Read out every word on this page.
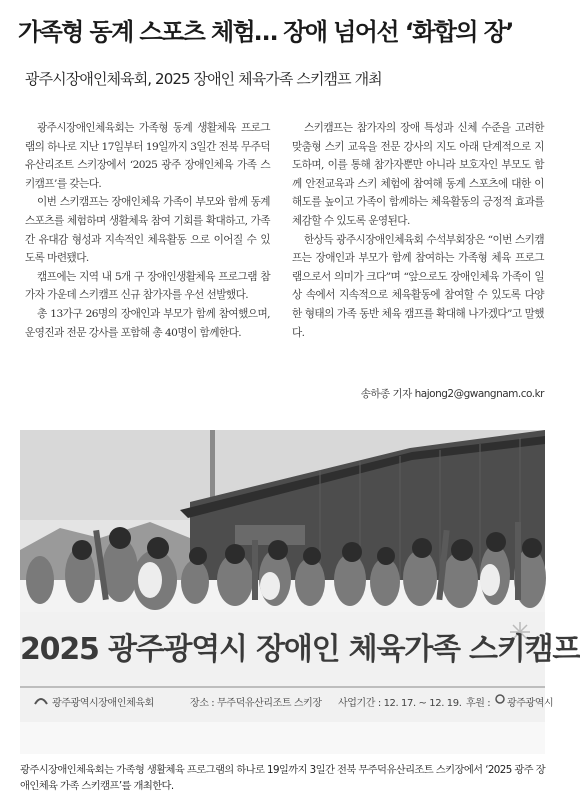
가족형 동계 스포츠 체험… 장애 넘어선 ‘화합의 장’
광주시장애인체육회, 2025 장애인 체육가족 스키캠프 개최

광주시장애인체육회는 가족형 동계 생활체육 프로그램의 하나로 지난 17일부터 19일까지 3일간 전북 무주덕유산리조트 스키장에서 ‘2025 광주 장애인체육 가족 스키캠프’를 갖는다.

이번 스키캠프는 장애인체육 가족이 부모와 함께 동계 스포츠를 체험하며 생활체육 참여 기회를 확대하고, 가족 간 유대감 형성과 지속적인 체육활동 으로 이어질 수 있도록 마련됐다.

캠프에는 지역 내 5개 구 장애인생활체육 프로그램 참가자 가운데 스키캠프 신규 참가자를 우선 선발했다.

총 13가구 26명의 장애인과 부모가 함께 참여했으며, 운영진과 전문 강사를 포함해 총 40명이 함께한다.

스키캠프는 참가자의 장애 특성과 신체 수준을 고려한 맞춤형 스키 교육을 전문 강사의 지도 아래 단계적으로 지도하며, 이를 통해 참가자뿐만 아니라 보호자인 부모도 함께 안전교육과 스키 체험에 참여해 동계 스포츠에 대한 이해도를 높이고 가족이 함께하는 체육활동의 긍정적 효과를 체감할 수 있도록 운영된다.

한상득 광주시장애인체육회 수석부회장은 “이번 스키캠프는 장애인과 부모가 함께 참여하는 가족형 체육 프로그램으로서 의미가 크다”며 “앞으로도 장애인체육 가족이 일상 속에서 지속적으로 체육활동에 참여할 수 있도록 다양한 형태의 가족 동반 체육 캠프를 확대해 나가겠다”고 말했다.

송하종 기자 hajong2@gwangnam.co.kr
2025 광주광역시 장애인 체육가족 스키캠프
광주광역시장애인체육회	장소 : 무주덕유산리조트 스키장 사업기간 : 12. 17. ~ 12. 19. 후원 : 광주광역시
광주시장애인체육회는 가족형 생활체육 프로그램의 하나로 19일까지 3일간 전북 무주덕유산리조트 스키장에서 ‘2025 광주 장애인체육 가족 스키캠프’를 개최한다.
